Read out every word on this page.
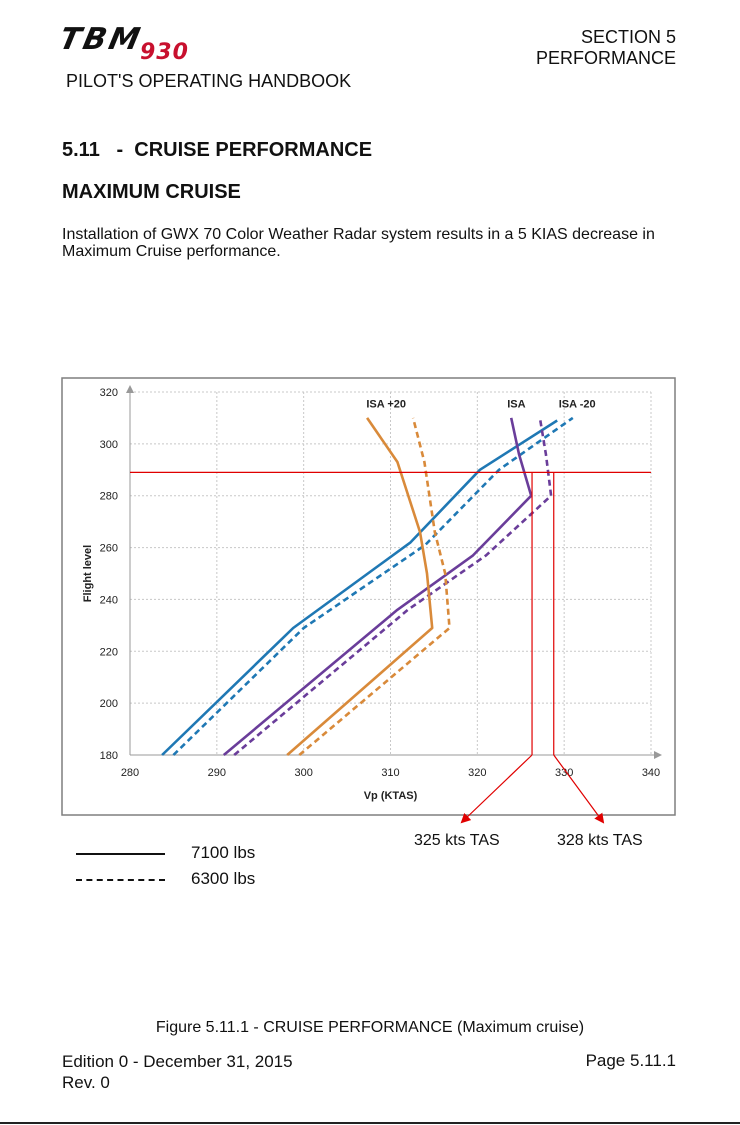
TBM
930
PILOT'S OPERATING HANDBOOK
SECTION 5
PERFORMANCE
5.11   -  CRUISE PERFORMANCE
MAXIMUM CRUISE
Installation of GWX 70 Color Weather Radar system results in a 5 KIAS decrease in Maximum Cruise performance.
280	290	300	310	320	330	340
180
200
220
240
260
280
300
320
Vp (KTAS)
Flight level
ISA +20	ISA	ISA -20
325 kts TAS	328 kts TAS
7100 lbs
6300 lbs
Figure 5.11.1 - CRUISE PERFORMANCE (Maximum cruise)
Edition 0 - December 31, 2015
Rev. 0
Page 5.11.1
